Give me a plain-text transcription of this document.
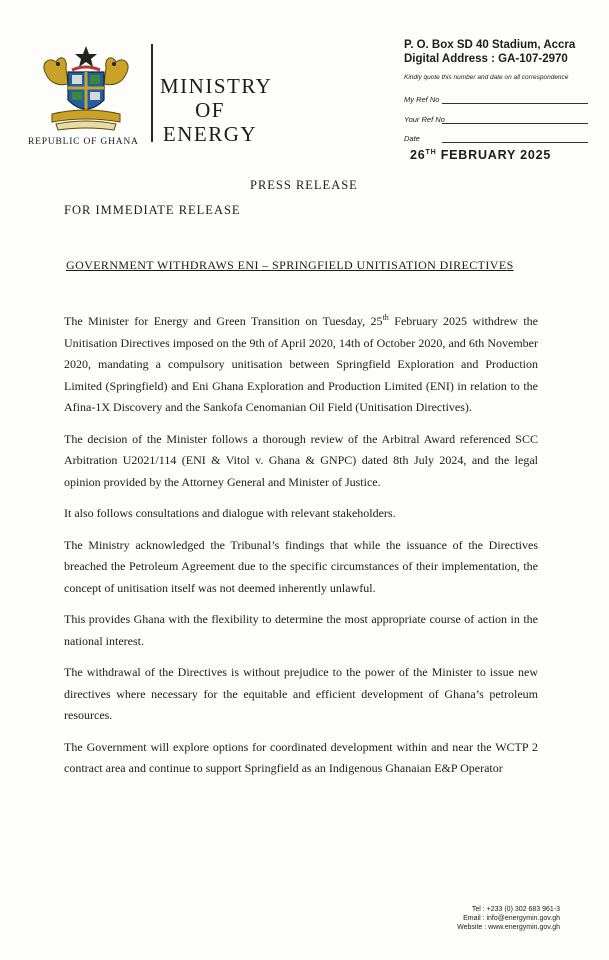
REPUBLIC OF GHANA
MINISTRY
OF
ENERGY
P. O. Box SD 40 Stadium, Accra
Digital Address : GA-107-2970
Kindly quote this number and date on all correspondence
My Ref No
Your Ref No
Date
26TH FEBRUARY 2025
PRESS RELEASE
FOR IMMEDIATE RELEASE
GOVERNMENT WITHDRAWS ENI – SPRINGFIELD UNITISATION DIRECTIVES

The Minister for Energy and Green Transition on Tuesday, 25th February 2025 withdrew the Unitisation Directives imposed on the 9th of April 2020, 14th of October 2020, and 6th November 2020, mandating a compulsory unitisation between Springfield Exploration and Production Limited (Springfield) and Eni Ghana Exploration and Production Limited (ENI) in relation to the Afina-1X Discovery and the Sankofa Cenomanian Oil Field (Unitisation Directives).

The decision of the Minister follows a thorough review of the Arbitral Award referenced SCC Arbitration U2021/114 (ENI & Vitol v. Ghana & GNPC) dated 8th July 2024, and the legal opinion provided by the Attorney General and Minister of Justice.

It also follows consultations and dialogue with relevant stakeholders.

The Ministry acknowledged the Tribunal’s findings that while the issuance of the Directives breached the Petroleum Agreement due to the specific circumstances of their implementation, the concept of unitisation itself was not deemed inherently unlawful.

This provides Ghana with the flexibility to determine the most appropriate course of action in the national interest.

The withdrawal of the Directives is without prejudice to the power of the Minister to issue new directives where necessary for the equitable and efficient development of Ghana’s petroleum resources.

The Government will explore options for coordinated development within and near the WCTP 2 contract area and continue to support Springfield as an Indigenous Ghanaian E&P Operator

Tel : +233 (0) 302 683 961-3
Email : info@energymin.gov.gh
Website : www.energymin.gov.gh
